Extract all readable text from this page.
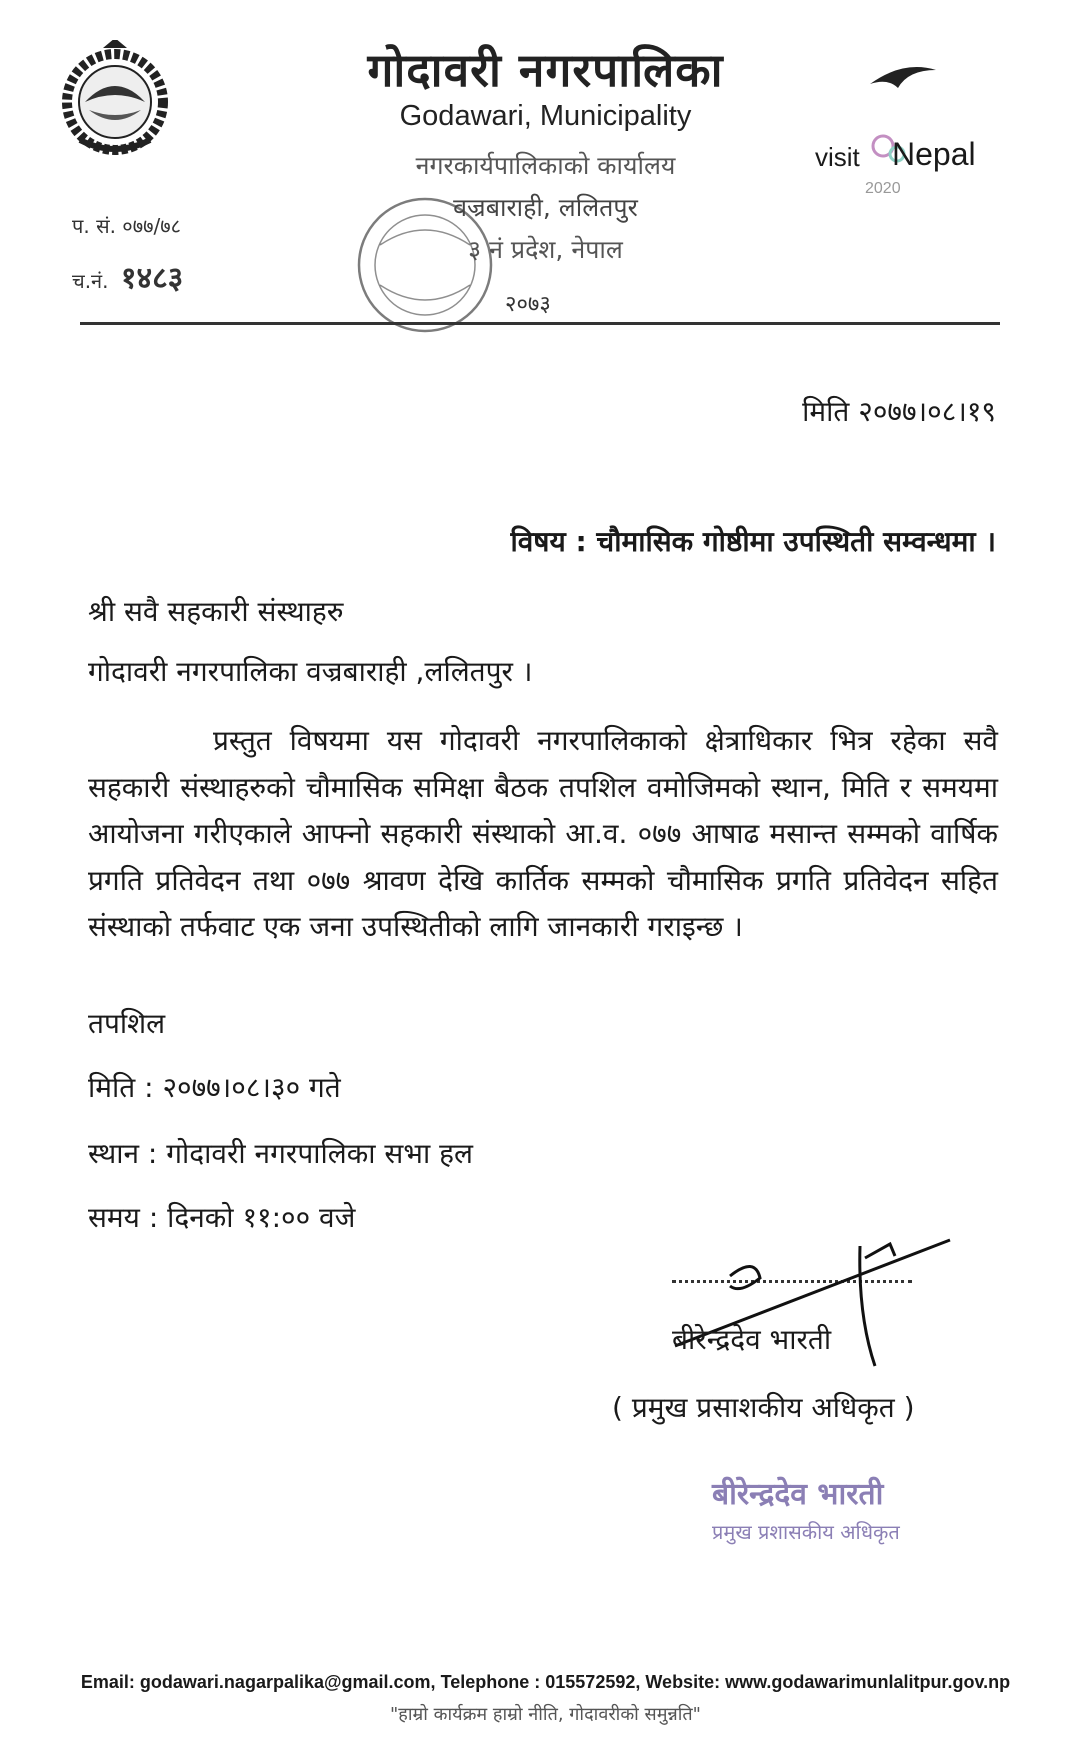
गोदावरी नगरपालिका
Godawari, Municipality
नगरकार्यपालिकाको कार्यालय
वज्रबाराही, ललितपुर
३ नं प्रदेश, नेपाल
२०७३
visit Nepal
2020
प. सं. ०७७/७८
च.नं. १४८३
मिति २०७७।०८।१९
विषय : चौमासिक गोष्ठीमा उपस्थिती सम्वन्धमा ।
श्री सवै सहकारी संस्थाहरु
गोदावरी नगरपालिका वज्रबाराही ,ललितपुर ।

प्रस्तुत विषयमा यस गोदावरी नगरपालिकाको क्षेत्राधिकार भित्र रहेका सवै सहकारी संस्थाहरुको चौमासिक समिक्षा बैठक तपशिल वमोजिमको स्थान, मिति र समयमा आयोजना गरीएकाले आफ्नो सहकारी संस्थाको आ.व. ०७७ आषाढ मसान्त सम्मको वार्षिक प्रगति प्रतिवेदन तथा ०७७ श्रावण देखि कार्तिक सम्मको चौमासिक प्रगति प्रतिवेदन सहित संस्थाको तर्फवाट एक जना उपस्थितीको लागि जानकारी गराइन्छ ।

तपशिल
मिति : २०७७।०८।३० गते
स्थान : गोदावरी नगरपालिका सभा हल
समय : दिनको ११:०० वजे
बीरेन्द्रदेव भारती
( प्रमुख प्रसाशकीय अधिकृत )
बीरेन्द्रदेव भारती
प्रमुख प्रशासकीय अधिकृत
Email: godawari.nagarpalika@gmail.com, Telephone : 015572592, Website: www.godawarimunlalitpur.gov.np
"हाम्रो कार्यक्रम हाम्रो नीति, गोदावरीको समुन्नति"
